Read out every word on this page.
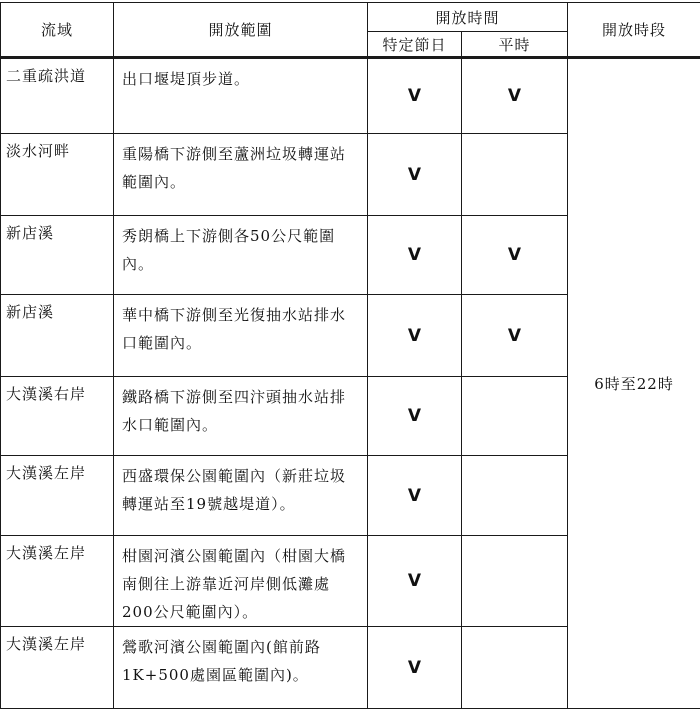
流域	開放範圍	開放時間		開放時段
		特定節日	平時	
二重疏洪道	出口堰堤頂步道。	V	V	6時至22時
淡水河畔	重陽橋下游側至蘆洲垃圾轉運站範圍內。	V		
新店溪	秀朗橋上下游側各50公尺範圍內。	V	V	
新店溪	華中橋下游側至光復抽水站排水口範圍內。	V	V	
大漢溪右岸	鐵路橋下游側至四汴頭抽水站排水口範圍內。	V		
大漢溪左岸	西盛環保公園範圍內（新莊垃圾轉運站至19號越堤道）。	V		
大漢溪左岸	柑園河濱公園範圍內（柑園大橋南側往上游靠近河岸側低灘處200公尺範圍內）。	V		
大漢溪左岸	鶯歌河濱公園範圍內(館前路1K+500處園區範圍內)。	V		
